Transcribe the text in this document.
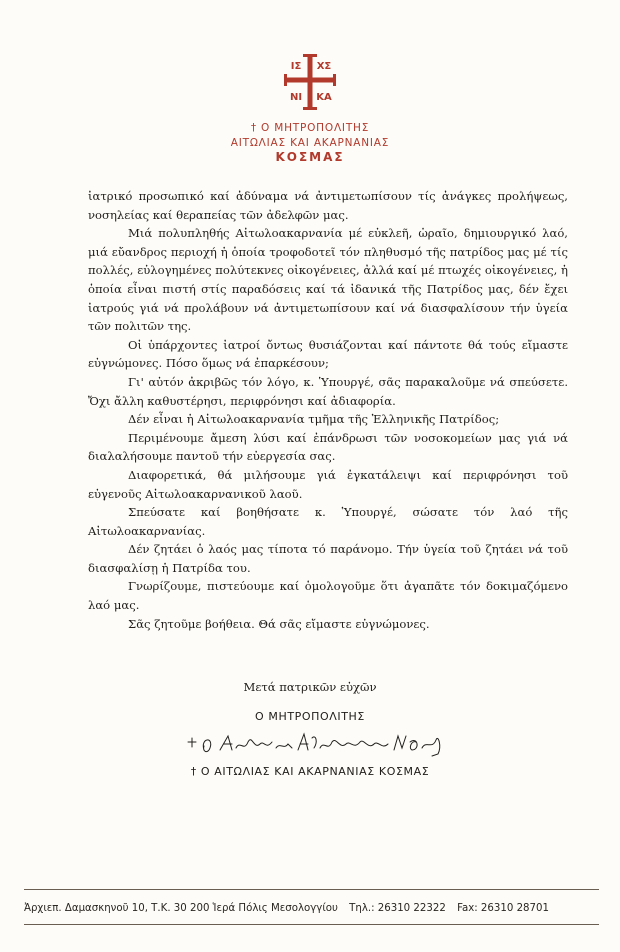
ΙΣ ΧΣ
ΝΙ ΚΑ
† Ο ΜΗΤΡΟΠΟΛΙΤΗΣ
ΑΙΤΩΛΙΑΣ ΚΑΙ ΑΚΑΡΝΑΝΙΑΣ
ΚΟΣΜΑΣ

ἰατρικό προσωπικό καί ἀδύναμα νά ἀντιμετωπίσουν τίς ἀνάγκες προλήψεως, νοσηλείας καί θεραπείας τῶν ἀδελφῶν μας.

Μιά πολυπληθής Αἰτωλοακαρνανία μέ εὐκλεῆ, ὡραῖο, δημιουργικό λαό, μιά εὔανδρος περιοχή ἡ ὁποία τροφοδοτεῖ τόν πληθυσμό τῆς πατρίδος μας μέ τίς πολλές, εὐλογημένες πολύτεκνες οἰκογένειες, ἀλλά καί μέ πτωχές οἰκογένειες, ἡ ὁποία εἶναι πιστή στίς παραδόσεις καί τά ἰδανικά τῆς Πατρίδος μας, δέν ἔχει ἰατρούς γιά νά προλάβουν νά ἀντιμετωπίσουν καί νά διασφαλίσουν τήν ὑγεία τῶν πολιτῶν της.

Οἱ ὑπάρχοντες ἰατροί ὄντως θυσιάζονται καί πάντοτε θά τούς εἴμαστε εὐγνώμονες. Πόσο ὅμως νά ἐπαρκέσουν;

Γι' αὐτόν ἀκριβῶς τόν λόγο, κ. Ὑπουργέ, σᾶς παρακαλοῦμε νά σπεύσετε. Ὄχι ἄλλη καθυστέρησι, περιφρόνησι καί ἀδιαφορία.

Δέν εἶναι ἡ Αἰτωλοακαρνανία τμῆμα τῆς Ἑλληνικῆς Πατρίδος;

Περιμένουμε ἄμεση λύσι καί ἐπάνδρωσι τῶν νοσοκομείων μας γιά νά διαλαλήσουμε παντοῦ τήν εὐεργεσία σας.

Διαφορετικά, θά μιλήσουμε γιά ἐγκατάλειψι καί περιφρόνησι τοῦ εὐγενοῦς Αἰτωλοακαρνανικοῦ λαοῦ.

Σπεύσατε καί βοηθήσατε κ. Ὑπουργέ, σώσατε τόν λαό τῆς Αἰτωλοακαρνανίας.

Δέν ζητάει ὁ λαός μας τίποτα τό παράνομο. Τήν ὑγεία τοῦ ζητάει νά τοῦ διασφαλίσῃ ἡ Πατρίδα του.

Γνωρίζουμε, πιστεύουμε καί ὁμολογοῦμε ὅτι ἀγαπᾶτε τόν δοκιμαζόμενο λαό μας.

Σᾶς ζητοῦμε βοήθεια. Θά σᾶς εἴμαστε εὐγνώμονες.

Μετά πατρικῶν εὐχῶν
Ο ΜΗΤΡΟΠΟΛΙΤΗΣ
† Ο ΑΙΤΩΛΙΑΣ ΚΑΙ ΑΚΑΡΝΑΝΙΑΣ ΚΟΣΜΑΣ
Ἀρχιεπ. Δαμασκηνοῦ 10, Τ.Κ. 30 200 Ἱερά Πόλις Μεσολογγίου Τηλ.: 26310 22322 Fax: 26310 28701
